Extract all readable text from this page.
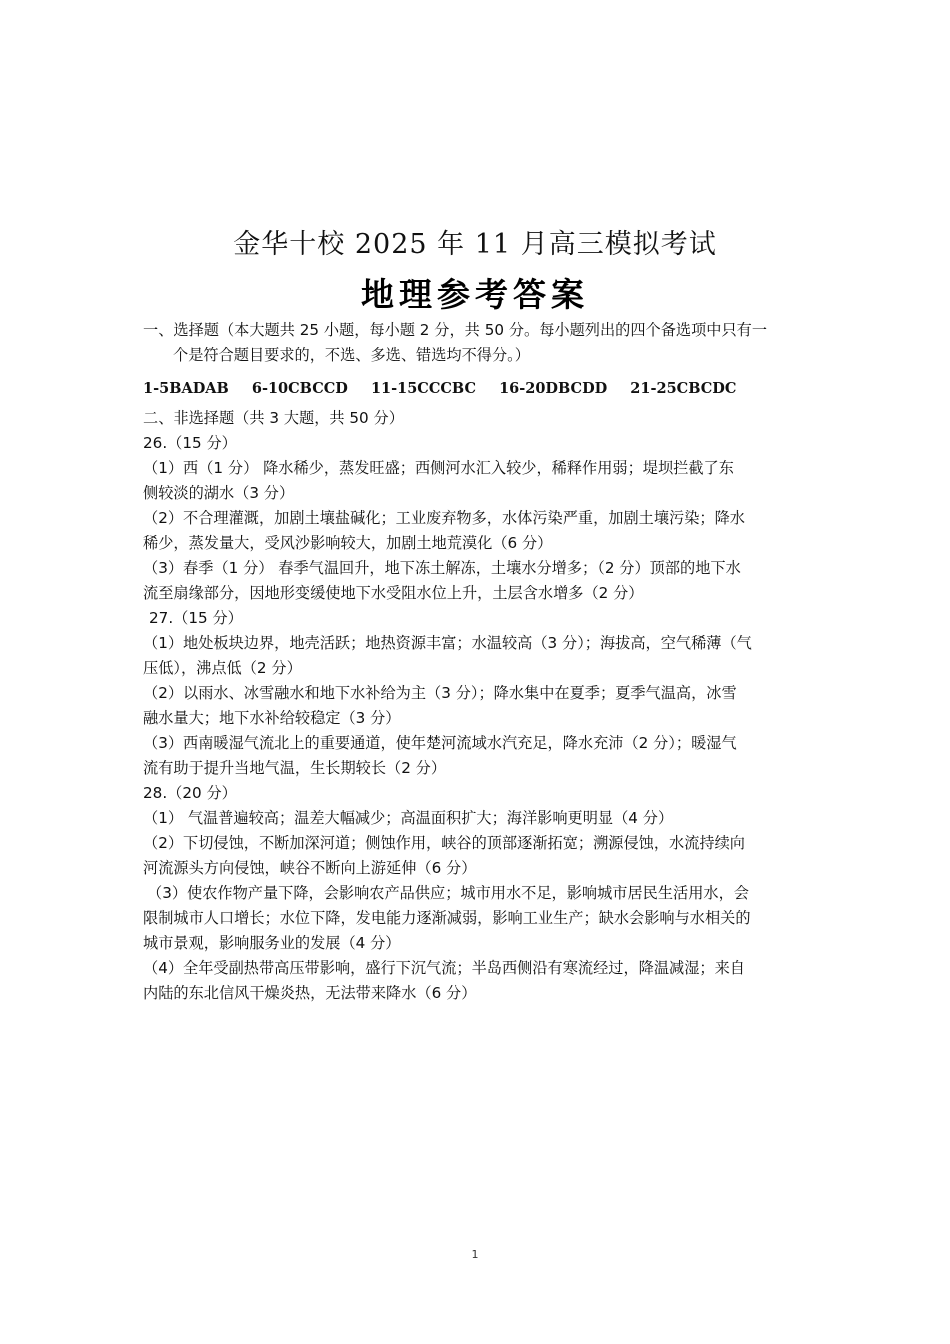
金华十校 2025 年 11 月高三模拟考试
地理参考答案
一、选择题（本大题共 25 小题，每小题 2 分，共 50 分。每小题列出的四个备选项中只有一
个是符合题目要求的，不选、多选、错选均不得分。）
1-5BADAB 6-10CBCCD 11-15CCCBC 16-20DBCDD 21-25CBCDC
二、非选择题（共 3 大题，共 50 分）
26.（15 分）
（1）西（1 分） 降水稀少，蒸发旺盛；西侧河水汇入较少，稀释作用弱；堤坝拦截了东
侧较淡的湖水（3 分）
（2）不合理灌溉，加剧土壤盐碱化；工业废弃物多，水体污染严重，加剧土壤污染；降水
稀少，蒸发量大，受风沙影响较大，加剧土地荒漠化（6 分）
（3）春季（1 分） 春季气温回升，地下冻土解冻，土壤水分增多；（2 分）顶部的地下水
流至扇缘部分，因地形变缓使地下水受阻水位上升，土层含水增多（2 分）
27.（15 分）
（1）地处板块边界，地壳活跃；地热资源丰富；水温较高（3 分）；海拔高，空气稀薄（气
压低），沸点低（2 分）
（2）以雨水、冰雪融水和地下水补给为主（3 分）；降水集中在夏季；夏季气温高，冰雪
融水量大；地下水补给较稳定（3 分）
（3）西南暖湿气流北上的重要通道，使年楚河流域水汽充足，降水充沛（2 分）；暖湿气
流有助于提升当地气温，生长期较长（2 分）
28.（20 分）
（1） 气温普遍较高；温差大幅减少；高温面积扩大；海洋影响更明显（4 分）
（2）下切侵蚀，不断加深河道；侧蚀作用，峡谷的顶部逐渐拓宽；溯源侵蚀，水流持续向
河流源头方向侵蚀，峡谷不断向上游延伸（6 分）
（3）使农作物产量下降，会影响农产品供应；城市用水不足，影响城市居民生活用水，会
限制城市人口增长；水位下降，发电能力逐渐减弱，影响工业生产；缺水会影响与水相关的
城市景观，影响服务业的发展（4 分）
（4）全年受副热带高压带影响，盛行下沉气流；半岛西侧沿有寒流经过，降温减湿；来自
内陆的东北信风干燥炎热，无法带来降水（6 分）
1
